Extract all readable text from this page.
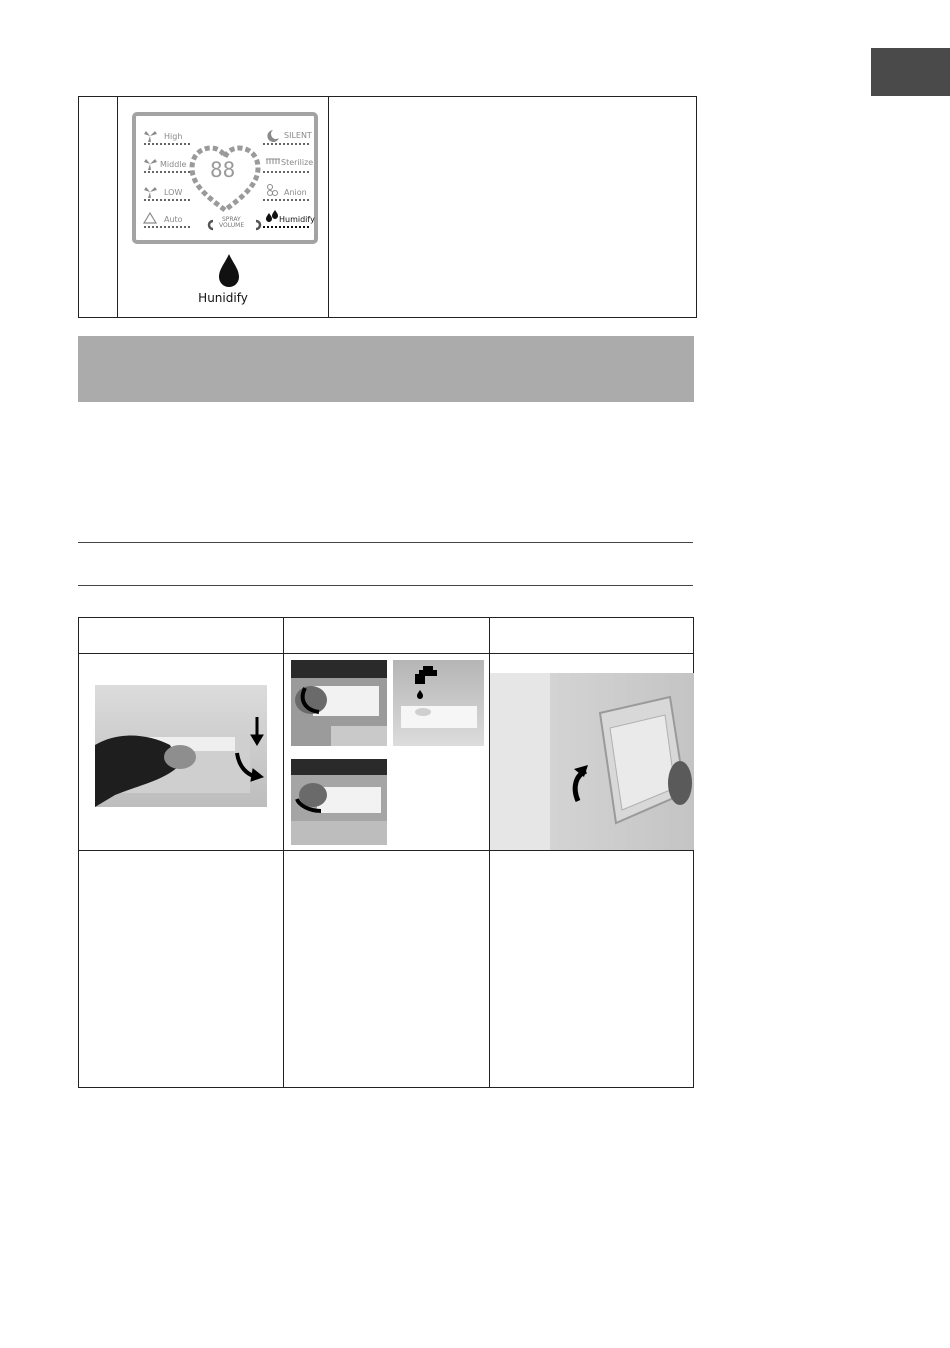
High
Middle
LOW
Auto
SILENT
Sterilize
Anion
Humidify
88
SPRAY
VOLUME
Hunidify
